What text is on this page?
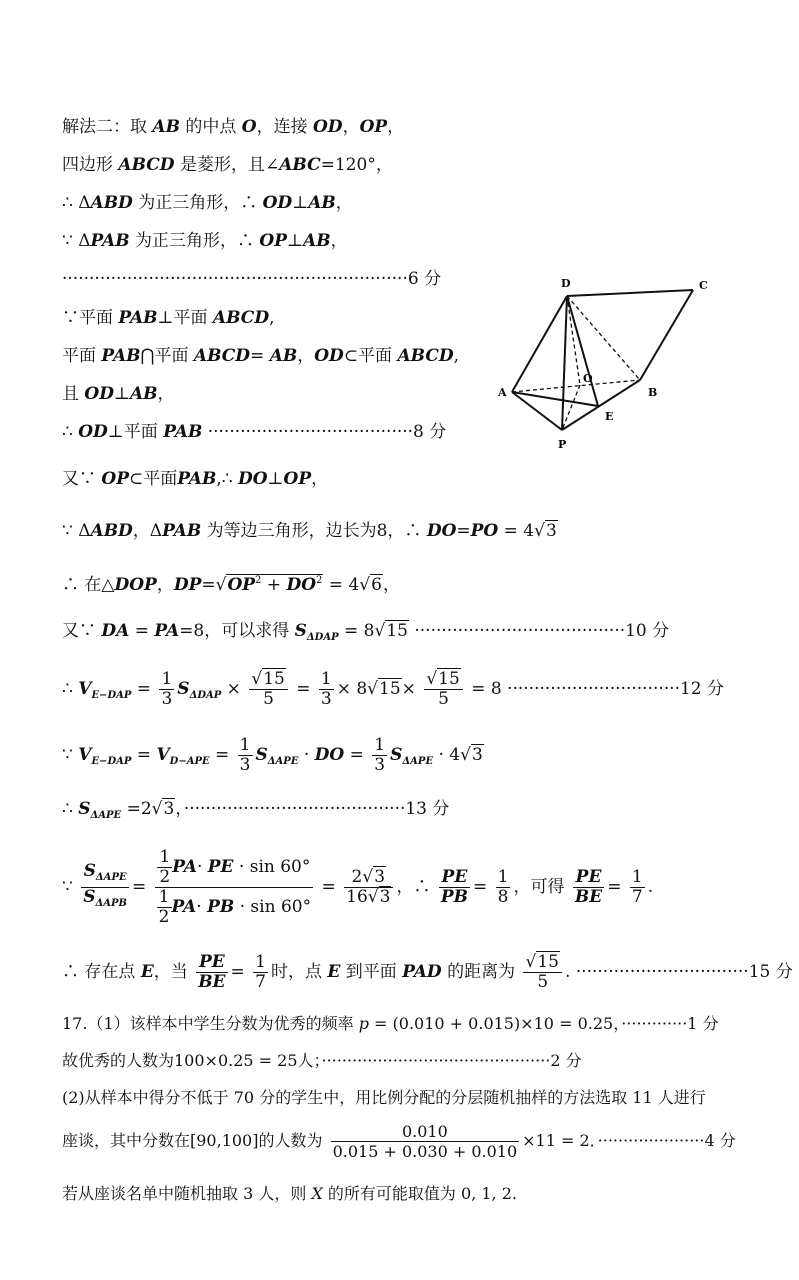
解法二：取 AB 的中点 O，连接 OD，OP，
四边形 ABCD 是菱形，且∠ABC=120°，
∴ ΔABD 为正三角形，∴ OD⊥AB，
∵ ΔPAB 为正三角形，∴ OP⊥AB，
································································6 分
∵平面 PAB⊥平面 ABCD,
平面 PAB⋂平面 ABCD= AB，OD⊂平面 ABCD,
且 OD⊥AB，
∴ OD⊥平面 PAB ······································8 分
D	C
A	B
O
E
P
又∵ OP⊂平面PAB,∴ DO⊥OP，
∵ ΔABD，ΔPAB 为等边三角形，边长为8，∴ DO=PO = 4√3
∴ 在△DOP，$DP=√OP^2 + DO^2 = 4√6$，
又∵ DA = PA=8，可以求得 $S_{\Delta DAP} = 8√15 \cdot\cdot\cdot\cdot\cdot\cdot\cdot\cdot\cdot\cdot\cdot\cdot\cdot\cdot\cdot\cdot\cdot\cdot\cdot\cdot\cdot\cdot\cdot\cdot\cdot\cdot\cdot\cdot\cdot\cdot\cdot\cdot\cdot\cdot\cdot\cdot\cdot\cdot\cdot 10$ 分
∴ $V_{E-DAP} = \frac{1}{3} S_{\Delta DAP} \times \frac{√15}{5} = \frac{1}{3} \times 8√15\times \frac{√15}{5} = 8 \cdot\cdot\cdot\cdot\cdot\cdot\cdot\cdot\cdot\cdot\cdot\cdot\cdot\cdot\cdot\cdot\cdot\cdot\cdot\cdot\cdot\cdot\cdot\cdot\cdot\cdot\cdot\cdot\cdot\cdot\cdot\cdot 12$ 分
∵ $V_{E-DAP} = V_{D-APE} = \frac{1}{3} S_{\Delta APE}$ · DO = $\frac{1}{3} S_{\Delta APE} \cdot 4√3$
∴ $S_{\Delta APE} =2√3$，·········································13 分
∵ $\frac{S_{\Delta APE}}{S_{\Delta APB}} = \frac{\frac{1}{2} PA\cdot PE \cdot \sin 60^\circ}{\frac{1}{2} PA\cdot PB \cdot \sin 60^\circ} = \frac{2√3}{16√3}$ ，∴ $\frac{PE}{PB} = \frac{1}{8}$ ，可得 $\frac{PE}{BE} = \frac{1}{7}$ .
∴ 存在点 E，当 $\frac{PE}{BE} = \frac{1}{7}$ 时，点 E 到平面 PAD 的距离为 $\frac{√15}{5}$ . ································15 分
17.（1）该样本中学生分数为优秀的频率 p = (0.010 + 0.015)×10 = 0.25，·············1 分
故优秀的人数为100×0.25 = 25人；·············································2 分
(2)从样本中得分不低于 70 分的学生中，用比例分配的分层随机抽样的方法选取 11 人进行
座谈，其中分数在[90,100]的人数为 $\frac{0.010}{0.015 + 0.030 + 0.010} \times 11 = 2$．·····················4 分
若从座谈名单中随机抽取 3 人，则 X 的所有可能取值为 0, 1, 2.
